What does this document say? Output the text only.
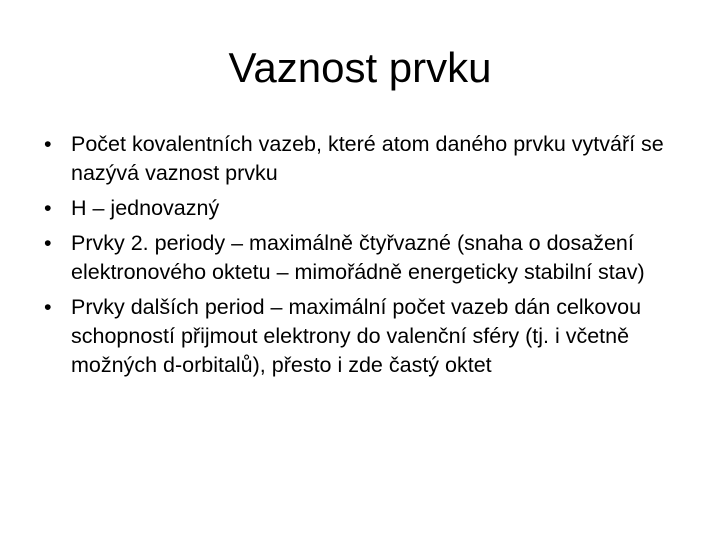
Vaznost prvku
• Počet kovalentních vazeb, které atom daného prvku vytváří se nazývá vaznost prvku
• H – jednovazný
• Prvky 2. periody – maximálně čtyřvazné (snaha o dosažení elektronového oktetu – mimořádně energeticky stabilní stav)
• Prvky dalších period – maximální počet vazeb dán celkovou schopností přijmout elektrony do valenční sféry (tj. i včetně možných d-orbitalů), přesto i zde častý oktet
